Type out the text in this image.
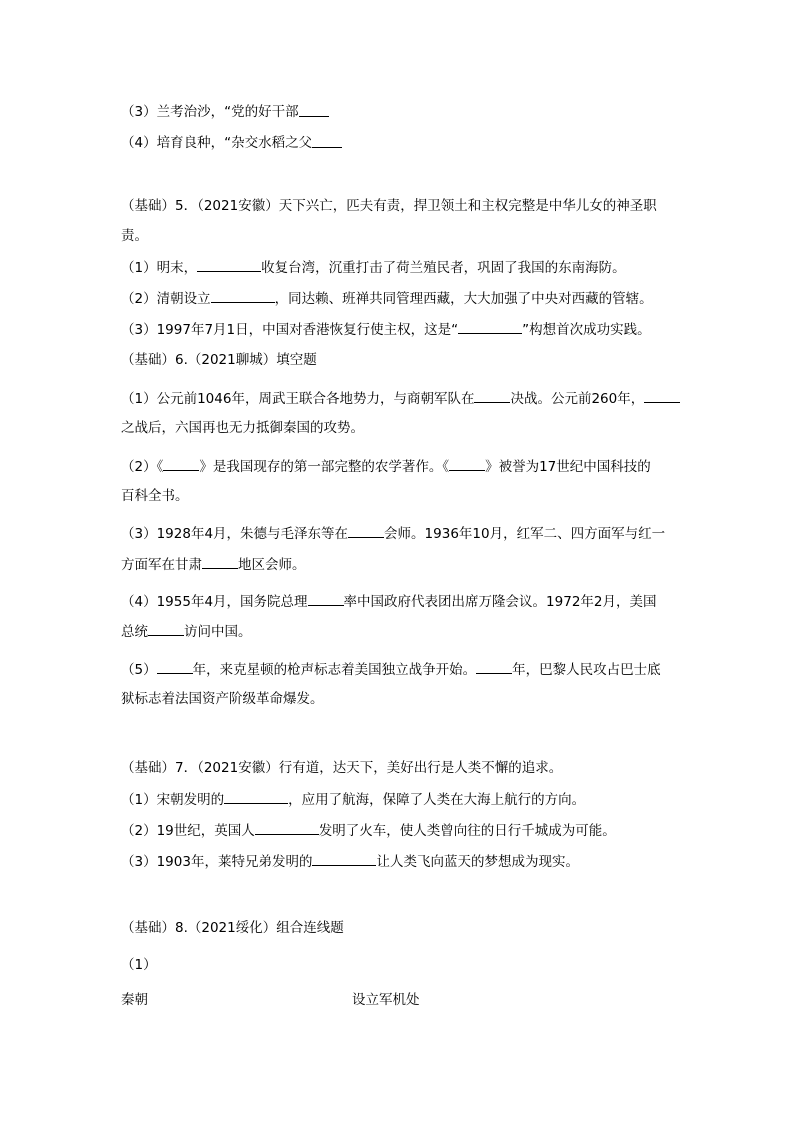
（3）兰考治沙，“党的好干部
（4）培育良种，“杂交水稻之父
（基础）5．（2021安徽）天下兴亡，匹夫有责，捍卫领土和主权完整是中华儿女的神圣职
责。
（1）明末，	收复台湾，沉重打击了荷兰殖民者，巩固了我国的东南海防。
（2）清朝设立	，同达赖、班禅共同管理西藏，大大加强了中央对西藏的管辖。
（3）1997年7月1日，中国对香港恢复行使主权，这是“	”构想首次成功实践。
（基础）6.（2021聊城）填空题
（1）公元前1046年，周武王联合各地势力，与商朝军队在	决战。公元前260年，
之战后，六国再也无力抵御秦国的攻势。
（2）《	》是我国现存的第一部完整的农学著作。《	》被誉为17世纪中国科技的
百科全书。
（3）1928年4月，朱德与毛泽东等在	会师。1936年10月，红军二、四方面军与红一
方面军在甘肃	地区会师。
（4）1955年4月，国务院总理	率中国政府代表团出席万隆会议。1972年2月，美国
总统	访问中国。
（5）	年，来克星顿的枪声标志着美国独立战争开始。	年，巴黎人民攻占巴士底
狱标志着法国资产阶级革命爆发。
（基础）7．（2021安徽）行有道，达天下，美好出行是人类不懈的追求。
（1）宋朝发明的	，应用了航海，保障了人类在大海上航行的方向。
（2）19世纪，英国人	发明了火车，使人类曾向往的日行千城成为可能。
（3）1903年，莱特兄弟发明的	让人类飞向蓝天的梦想成为现实。
（基础）8.（2021绥化）组合连线题
（1）
秦朝	设立军机处
